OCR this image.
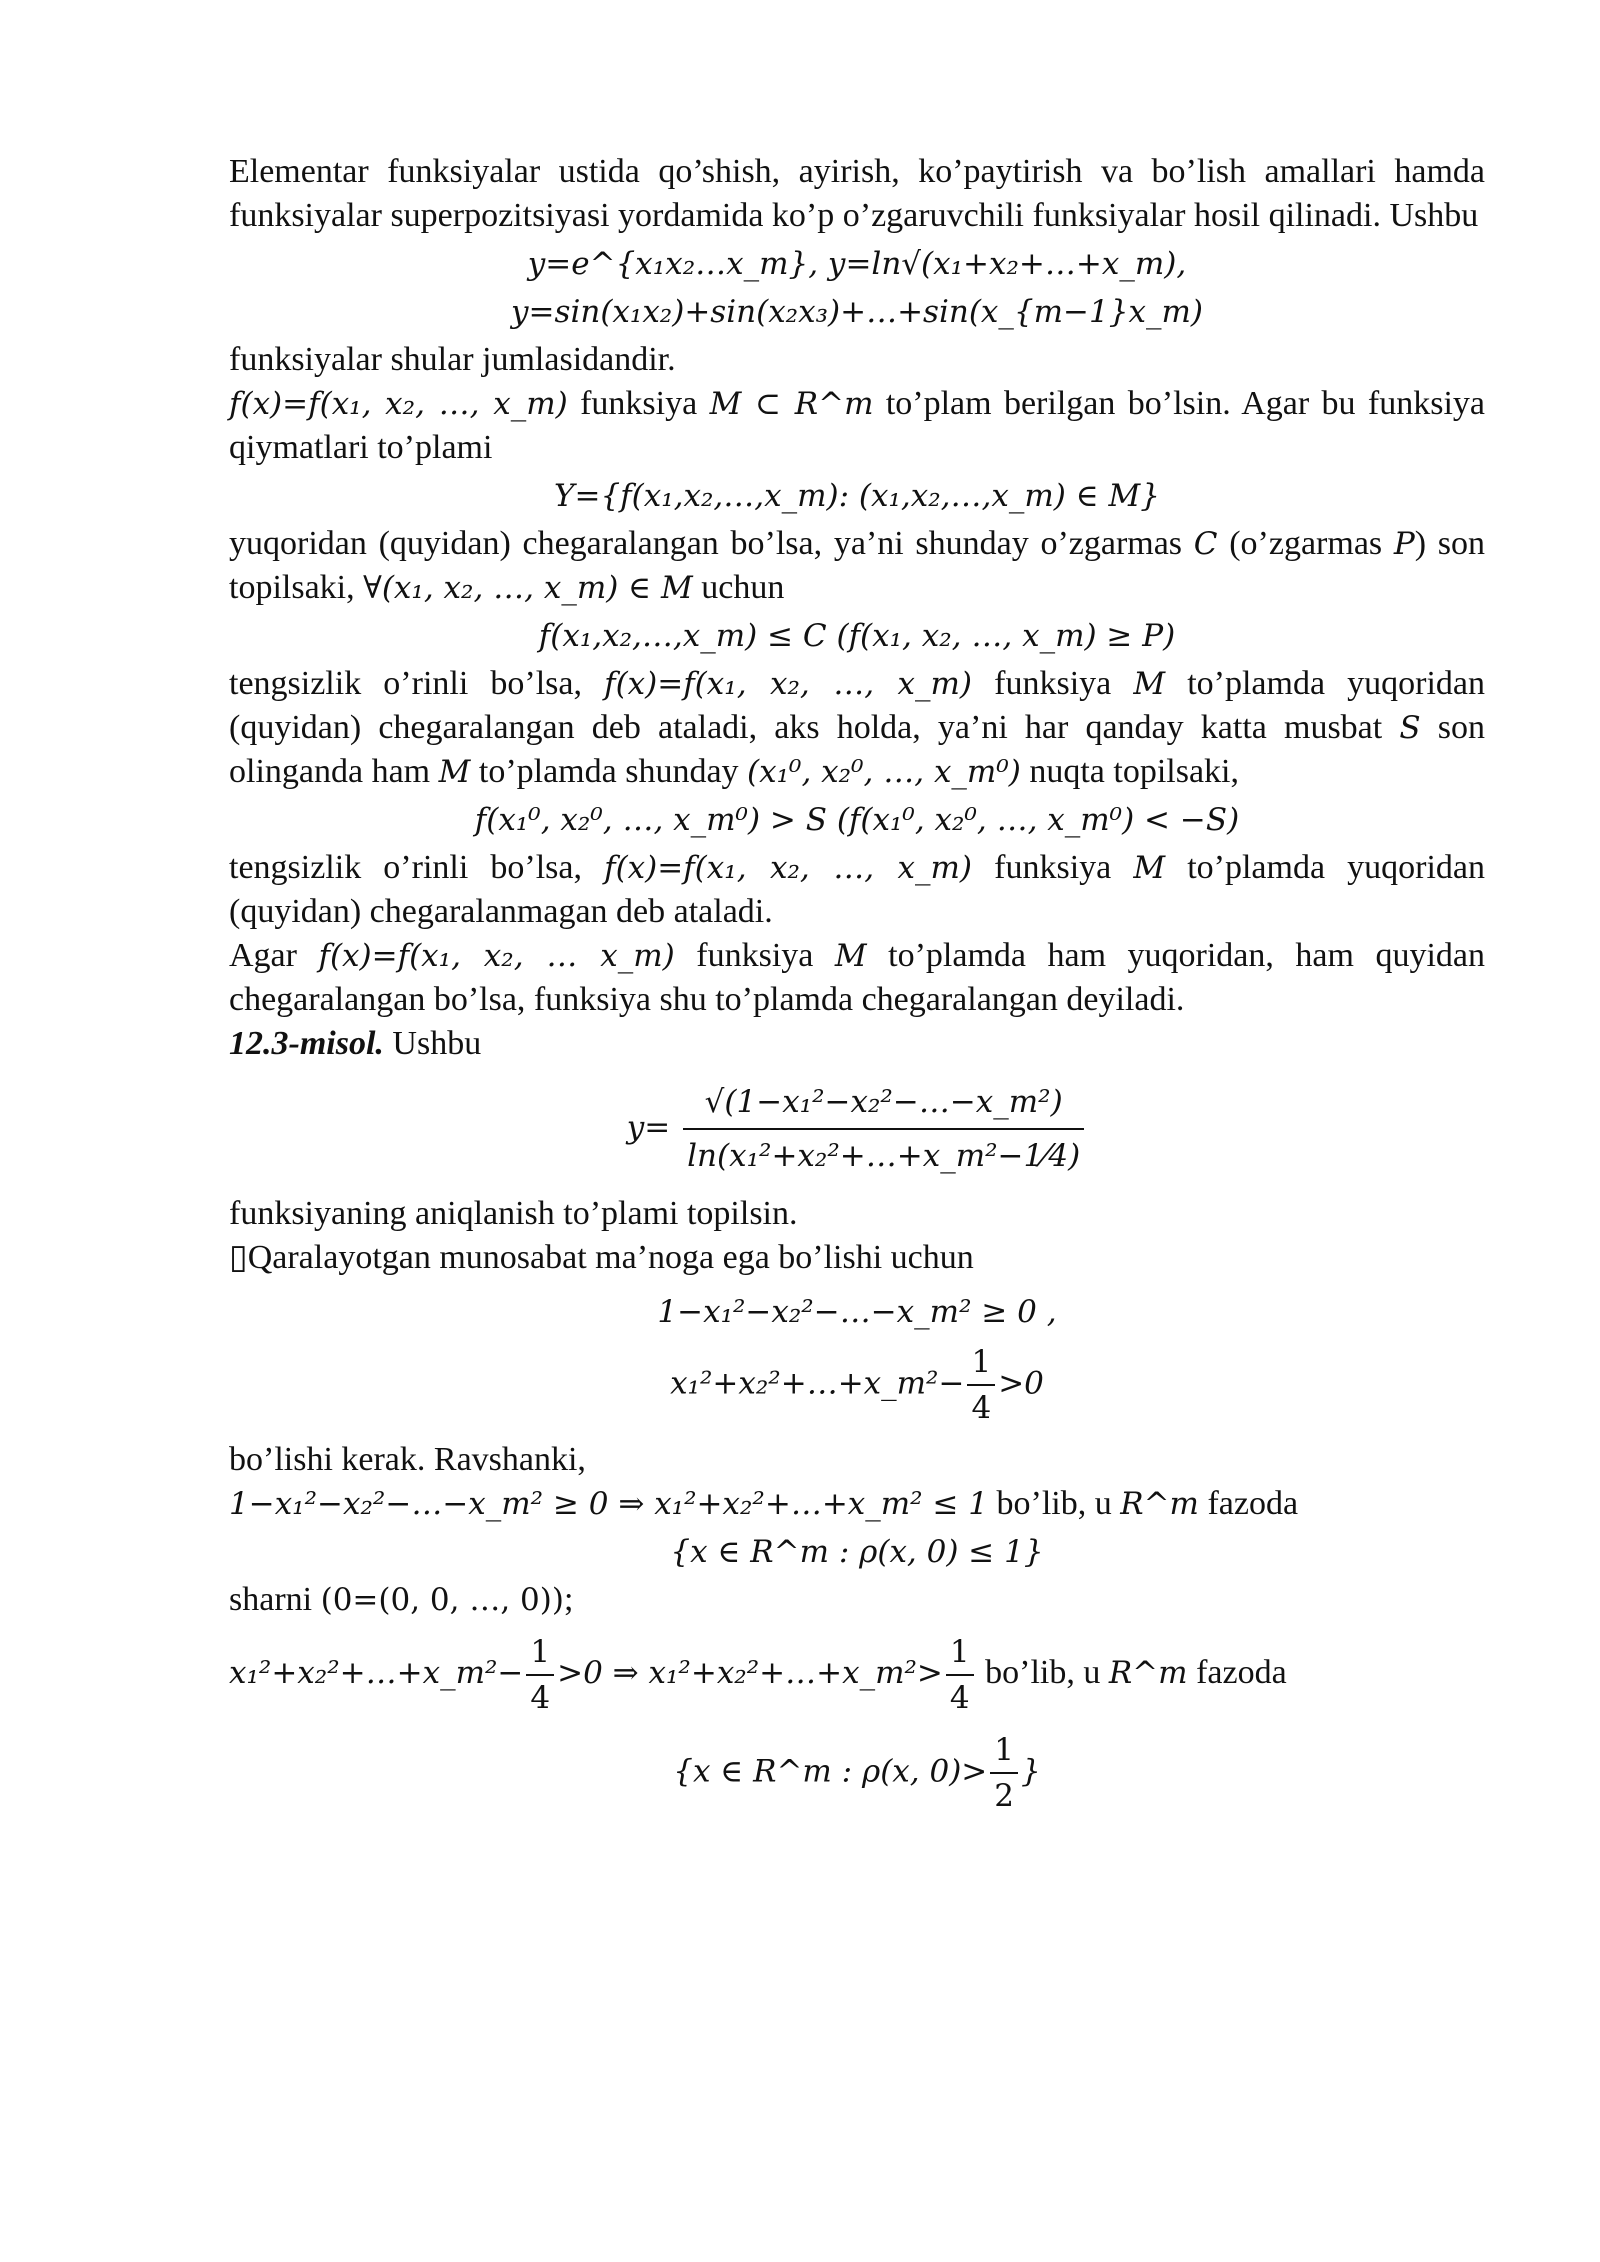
Elementar funksiyalar ustida qo’shish, ayirish, ko’paytirish va bo’lish amallari hamda funksiyalar superpozitsiyasi yordamida ko’p o’zgaruvchili funksiyalar hosil qilinadi. Ushbu

y=e^{x₁x₂…x_m}, y=ln√(x₁+x₂+…+x_m),
y=sin(x₁x₂)+sin(x₂x₃)+…+sin(x_{m−1}x_m)

funksiyalar shular jumlasidandir.

f(x)=f(x₁, x₂, …, x_m) funksiya M ⊂ R^m to’plam berilgan bo’lsin. Agar bu funksiya qiymatlari to’plami

Y={f(x₁,x₂,…,x_m): (x₁,x₂,…,x_m) ∈ M}

yuqoridan (quyidan) chegaralangan bo’lsa, ya’ni shunday o’zgarmas C (o’zgarmas P) son topilsaki, ∀(x₁, x₂, …, x_m) ∈ M uchun

f(x₁,x₂,…,x_m) ≤ C (f(x₁, x₂, …, x_m) ≥ P)

tengsizlik o’rinli bo’lsa, f(x)=f(x₁, x₂, …, x_m) funksiya M to’plamda yuqoridan (quyidan) chegaralangan deb ataladi, aks holda, ya’ni har qanday katta musbat S son olinganda ham M to’plamda shunday (x₁⁰, x₂⁰, …, x_m⁰) nuqta topilsaki,

f(x₁⁰, x₂⁰, …, x_m⁰) > S (f(x₁⁰, x₂⁰, …, x_m⁰) < −S)

tengsizlik o’rinli bo’lsa, f(x)=f(x₁, x₂, …, x_m) funksiya M to’plamda yuqoridan (quyidan) chegaralanmagan deb ataladi.

Agar f(x)=f(x₁, x₂, … x_m) funksiya M to’plamda ham yuqoridan, ham quyidan chegaralangan bo’lsa, funksiya shu to’plamda chegaralangan deyiladi.

12.3-misol. Ushbu

$y= \frac{\text{√(1−x₁²−x₂²−…−x\_m²)}}{\text{ln(x₁²+x₂²+…+x\_m²−1⁄4)}}$

funksiyaning aniqlanish to’plami topilsin.

▯Qaralayotgan munosabat ma’noga ega bo’lishi uchun

1−x₁²−x₂²−…−x_m² ≥ 0 ,
x₁²+x₂²+…+x_m²− $\frac{1}{4} >0$

bo’lishi kerak. Ravshanki,

1−x₁²−x₂²−…−x_m² ≥ 0 ⇒ x₁²+x₂²+…+x_m² ≤ 1 bo’lib, u R^m fazoda

{x ∈ R^m : ρ(x, 0) ≤ 1}

sharni (0=(0, 0, …, 0));

x₁²+x₂²+…+x_m²− $\frac{1}{4} >0$ ⇒ x₁²+x₂²+…+x_m²> $\frac{1}{4}$ bo’lib, u R^m fazoda

{x ∈ R^m : ρ(x, $0)> \frac{1}{2}$ }
